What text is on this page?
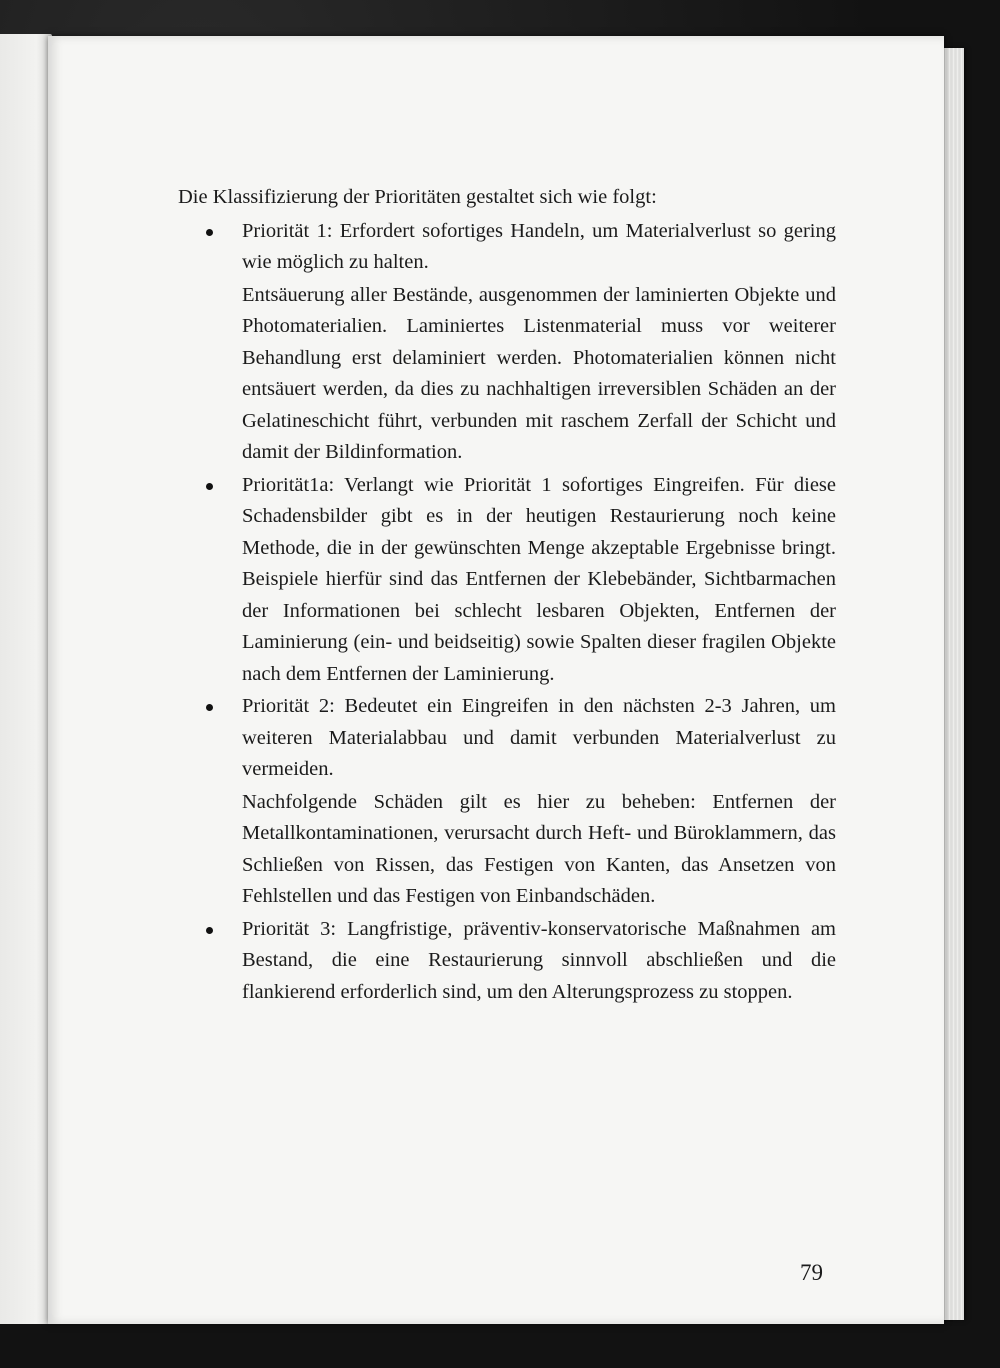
Die Klassifizierung der Prioritäten gestaltet sich wie folgt:

Priorität 1: Erfordert sofortiges Handeln, um Materialverlust so gering wie möglich zu halten.

Entsäuerung aller Bestände, ausgenommen der laminierten Objekte und Photomaterialien. Laminiertes Listenmaterial muss vor weiterer Behandlung erst delaminiert werden. Photomaterialien können nicht entsäuert werden, da dies zu nachhaltigen irreversiblen Schäden an der Gelatineschicht führt, verbunden mit raschem Zerfall der Schicht und damit der Bildinformation.

Priorität1a: Verlangt wie Priorität 1 sofortiges Eingreifen. Für diese Schadensbilder gibt es in der heutigen Restaurierung noch keine Methode, die in der gewünschten Menge akzeptable Ergebnisse bringt. Beispiele hierfür sind das Entfernen der Klebebänder, Sichtbarmachen der Informationen bei schlecht lesbaren Objekten, Entfernen der Laminierung (ein- und beidseitig) sowie Spalten dieser fragilen Objekte nach dem Entfernen der Laminierung.

Priorität 2: Bedeutet ein Eingreifen in den nächsten 2-3 Jahren, um weiteren Materialabbau und damit verbunden Materialverlust zu vermeiden.

Nachfolgende Schäden gilt es hier zu beheben: Entfernen der Metallkontaminationen, verursacht durch Heft- und Büroklammern, das Schließen von Rissen, das Festigen von Kanten, das Ansetzen von Fehlstellen und das Festigen von Einbandschäden.

Priorität 3: Langfristige, präventiv-konservatorische Maßnahmen am Bestand, die eine Restaurierung sinnvoll abschließen und die flankierend erforderlich sind, um den Alterungsprozess zu stoppen.

79
